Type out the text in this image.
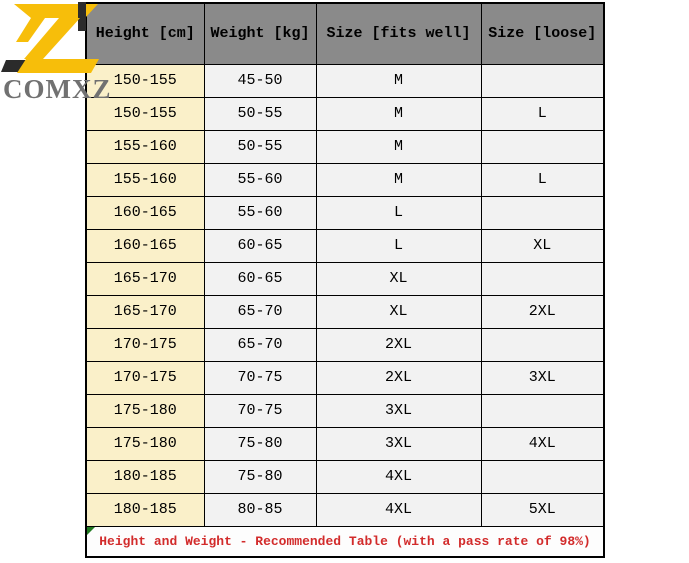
COMXZ
Height [cm]	Weight [kg]	Size [fits well]	Size [loose]
150-155	45-50	M	
150-155	50-55	M	L
155-160	50-55	M	
155-160	55-60	M	L
160-165	55-60	L	
160-165	60-65	L	XL
165-170	60-65	XL	
165-170	65-70	XL	2XL
170-175	65-70	2XL	
170-175	70-75	2XL	3XL
175-180	70-75	3XL	
175-180	75-80	3XL	4XL
180-185	75-80	4XL	
180-185	80-85	4XL	5XL

Height and Weight - Recommended Table (with a pass rate of 98%)			
